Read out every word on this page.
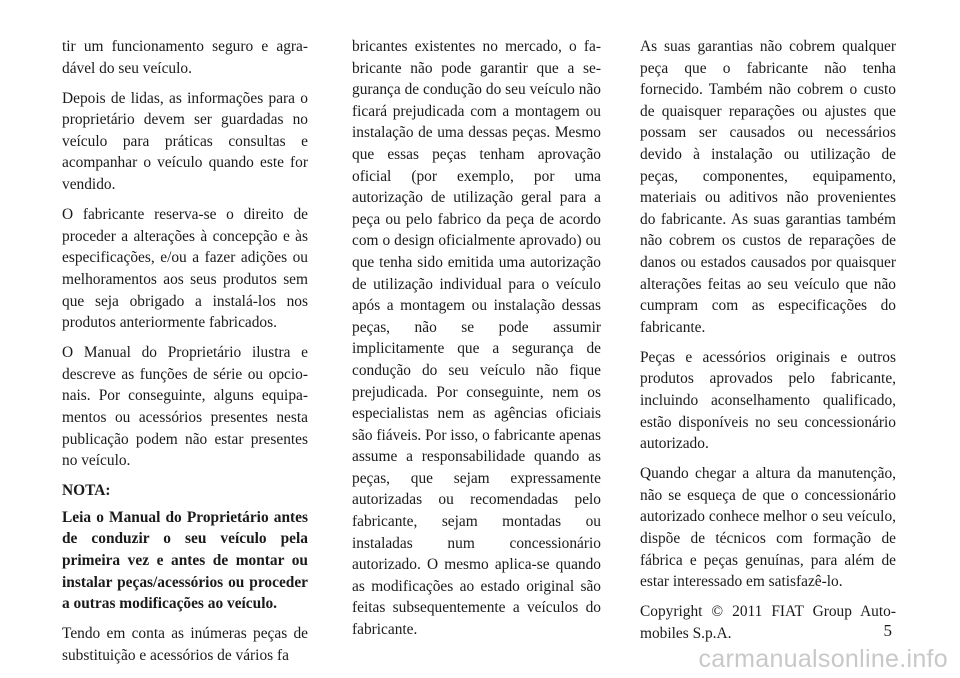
tir um funcionamento seguro e agradável do seu veículo.

Depois de lidas, as informações para o proprietário devem ser guardadas no veículo para práticas consultas e acompanhar o veículo quando este for vendido.

O fabricante reserva-se o direito de proceder a alterações à concepção e às especificações, e/ou a fazer adições ou melhoramentos aos seus produtos sem que seja obrigado a instalá-los nos produtos anteriormente fabricados.

O Manual do Proprietário ilustra e descreve as funções de série ou opcionais. Por conseguinte, alguns equipamentos ou acessórios presentes nesta publicação podem não estar presentes no veículo.

NOTA:

Leia o Manual do Proprietário antes de conduzir o seu veículo pela primeira vez e antes de montar ou instalar peças/acessórios ou proceder a outras modificações ao veículo.

Tendo em conta as inúmeras peças de substituição e acessórios de vários fa

bricantes existentes no mercado, o fabricante não pode garantir que a segurança de condução do seu veículo não ficará prejudicada com a montagem ou instalação de uma dessas peças. Mesmo que essas peças tenham aprovação oficial (por exemplo, por uma autorização de utilização geral para a peça ou pelo fabrico da peça de acordo com o design oficialmente aprovado) ou que tenha sido emitida uma autorização de utilização individual para o veículo após a montagem ou instalação dessas peças, não se pode assumir implicitamente que a segurança de condução do seu veículo não fique prejudicada. Por conseguinte, nem os especialistas nem as agências oficiais são fiáveis. Por isso, o fabricante apenas assume a responsabilidade quando as peças, que sejam expressamente autorizadas ou recomendadas pelo fabricante, sejam montadas ou instaladas num concessionário autorizado. O mesmo aplica-se quando as modificações ao estado original são feitas subsequentemente a veículos do fabricante.

As suas garantias não cobrem qualquer peça que o fabricante não tenha fornecido. Também não cobrem o custo de quaisquer reparações ou ajustes que possam ser causados ou necessários devido à instalação ou utilização de peças, componentes, equipamento, materiais ou aditivos não provenientes do fabricante. As suas garantias também não cobrem os custos de reparações de danos ou estados causados por quaisquer alterações feitas ao seu veículo que não cumpram com as especificações do fabricante.

Peças e acessórios originais e outros produtos aprovados pelo fabricante, incluindo aconselhamento qualificado, estão disponíveis no seu concessionário autorizado.

Quando chegar a altura da manutenção, não se esqueça de que o concessionário autorizado conhece melhor o seu veículo, dispõe de técnicos com formação de fábrica e peças genuínas, para além de estar interessado em satisfazê-lo.

Copyright © 2011 FIAT Group Automobiles S.p.A.	5
carmanualsonline.info
